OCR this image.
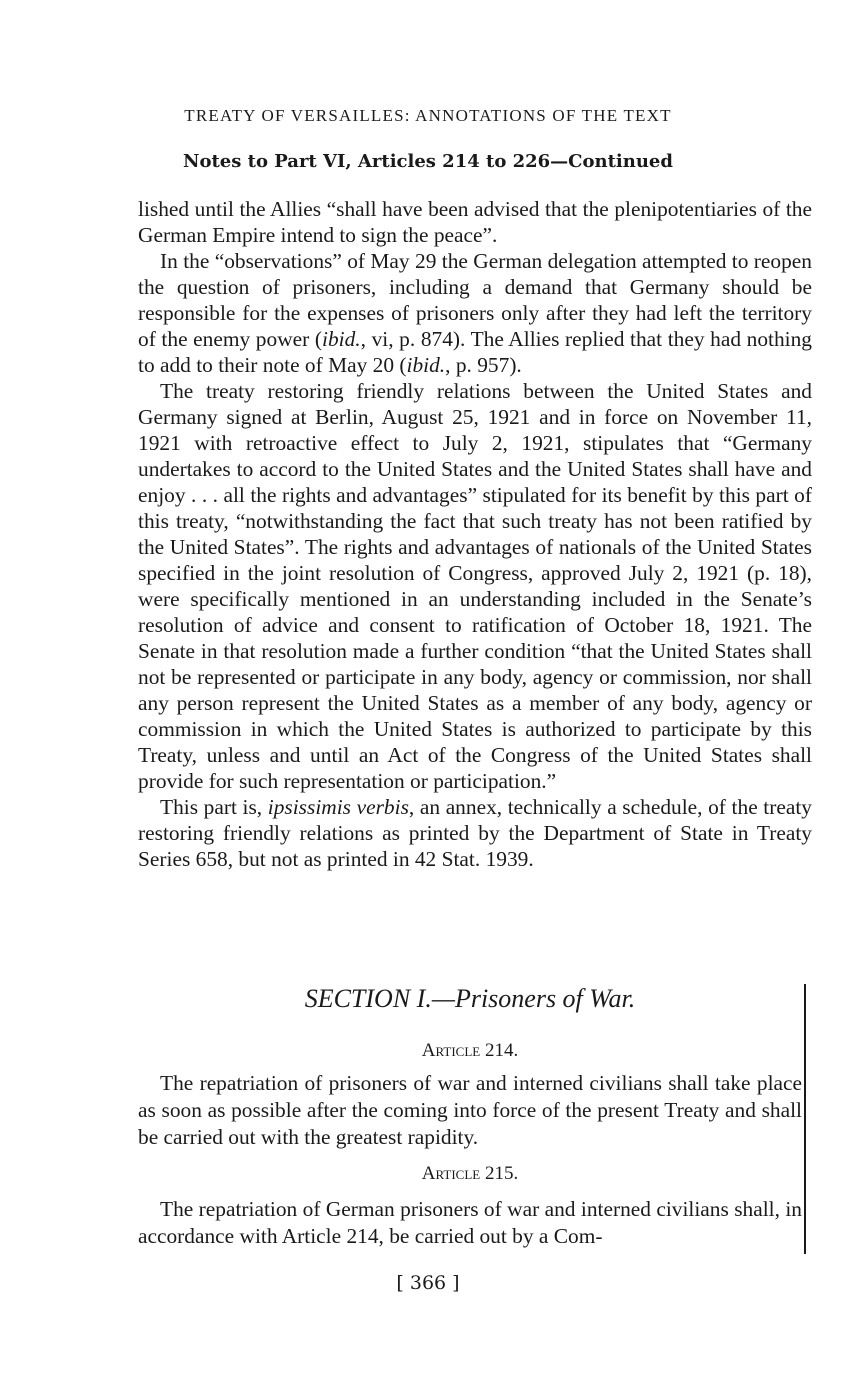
TREATY OF VERSAILLES: ANNOTATIONS OF THE TEXT
Notes to Part VI, Articles 214 to 226—Continued

lished until the Allies “shall have been advised that the plenipotentiaries of the German Empire intend to sign the peace”.

In the “observations” of May 29 the German delegation attempted to reopen the question of prisoners, including a demand that Germany should be responsible for the expenses of prisoners only after they had left the territory of the enemy power (ibid., vi, p. 874). The Allies replied that they had nothing to add to their note of May 20 (ibid., p. 957).

The treaty restoring friendly relations between the United States and Germany signed at Berlin, August 25, 1921 and in force on November 11, 1921 with retroactive effect to July 2, 1921, stipulates that “Germany undertakes to accord to the United States and the United States shall have and enjoy . . . all the rights and advantages” stipulated for its benefit by this part of this treaty, “notwithstanding the fact that such treaty has not been ratified by the United States”. The rights and advantages of nationals of the United States specified in the joint resolution of Congress, approved July 2, 1921 (p. 18), were specifically mentioned in an understanding included in the Senate’s resolution of advice and consent to ratification of October 18, 1921. The Senate in that resolution made a further condition “that the United States shall not be represented or participate in any body, agency or commission, nor shall any person represent the United States as a member of any body, agency or commission in which the United States is authorized to participate by this Treaty, unless and until an Act of the Congress of the United States shall provide for such representation or participation.”

This part is, ipsissimis verbis, an annex, technically a schedule, of the treaty restoring friendly relations as printed by the Department of State in Treaty Series 658, but not as printed in 42 Stat. 1939.

SECTION I.—Prisoners of War.
Article 214.

The repatriation of prisoners of war and interned civilians shall take place as soon as possible after the coming into force of the present Treaty and shall be carried out with the greatest rapidity.

Article 215.

The repatriation of German prisoners of war and interned civilians shall, in accordance with Article 214, be carried out by a Com-

[ 366 ]
